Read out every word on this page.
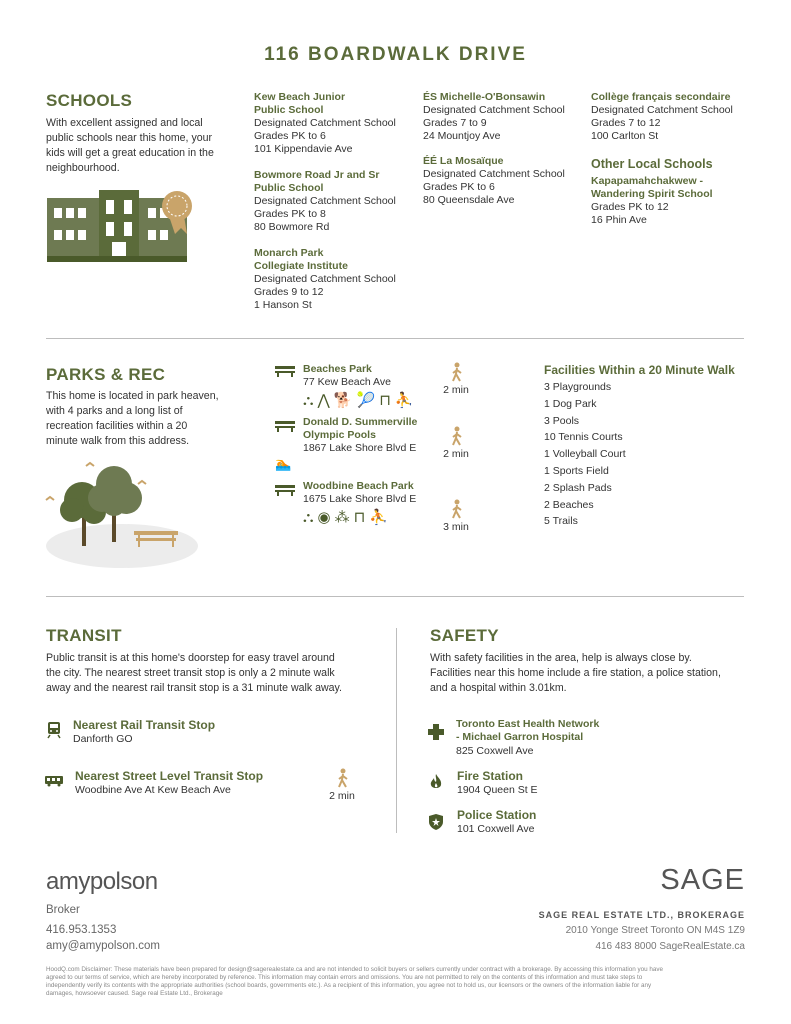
116 BOARDWALK DRIVE
SCHOOLS
With excellent assigned and local
public schools near this home, your
kids will get a great education in the
neighbourhood.
Kew Beach Junior
Public School
Designated Catchment School
Grades PK to 6
101 Kippendavie Ave
Bowmore Road Jr and Sr
Public School
Designated Catchment School
Grades PK to 8
80 Bowmore Rd
Monarch Park
Collegiate Institute
Designated Catchment School
Grades 9 to 12
1 Hanson St
ÉS Michelle-O'Bonsawin
Designated Catchment School
Grades 7 to 9
24 Mountjoy Ave
ÉÉ La Mosaïque
Designated Catchment School
Grades PK to 6
80 Queensdale Ave
Collège français secondaire
Designated Catchment School
Grades 7 to 12
100 Carlton St
Other Local Schools
Kapapamahchakwew -
Wandering Spirit School
Grades PK to 12
16 Phin Ave
PARKS & REC
This home is located in park heaven,
with 4 parks and a long list of
recreation facilities within a 20
minute walk from this address.
Beaches Park
77 Kew Beach Ave
⛬ ⋀ 🐕 🎾 ⊓ ⛹
Donald D. Summerville
Olympic Pools
1867 Lake Shore Blvd E
🏊
Woodbine Beach Park
1675 Lake Shore Blvd E
⛬ ◉ ⁂ ⊓ ⛹
2 min
2 min
3 min
Facilities Within a 20 Minute Walk
3 Playgrounds
1 Dog Park
3 Pools
10 Tennis Courts
1 Volleyball Court
1 Sports Field
2 Splash Pads
2 Beaches
5 Trails
TRANSIT
Public transit is at this home's doorstep for easy travel around
the city. The nearest street transit stop is only a 2 minute walk
away and the nearest rail transit stop is a 31 minute walk away.
Nearest Rail Transit Stop
Danforth GO
Nearest Street Level Transit Stop
Woodbine Ave At Kew Beach Ave	2 min
SAFETY
With safety facilities in the area, help is always close by.
Facilities near this home include a fire station, a police station,
and a hospital within 3.01km.
Toronto East Health Network
- Michael Garron Hospital
825 Coxwell Ave
Fire Station
1904 Queen St E
Police Station
101 Coxwell Ave
amypolson
Broker
416.953.1353
amy@amypolson.com
SAGE
SAGE REAL ESTATE LTD., BROKERAGE
2010 Yonge Street Toronto ON M4S 1Z9
416 483 8000 SageRealEstate.ca
HoodQ.com Disclaimer: These materials have been prepared for design@sagerealestate.ca and are not intended to solicit buyers or sellers currently under contract with a brokerage. By accessing this information you have
agreed to our terms of service, which are hereby incorporated by reference. This information may contain errors and omissions. You are not permitted to rely on the contents of this information and must take steps to
independently verify its contents with the appropriate authorities (school boards, governments etc.). As a recipient of this information, you agree not to hold us, our licensors or the owners of the information liable for any
damages, howsoever caused. Sage real Estate Ltd., Brokerage
